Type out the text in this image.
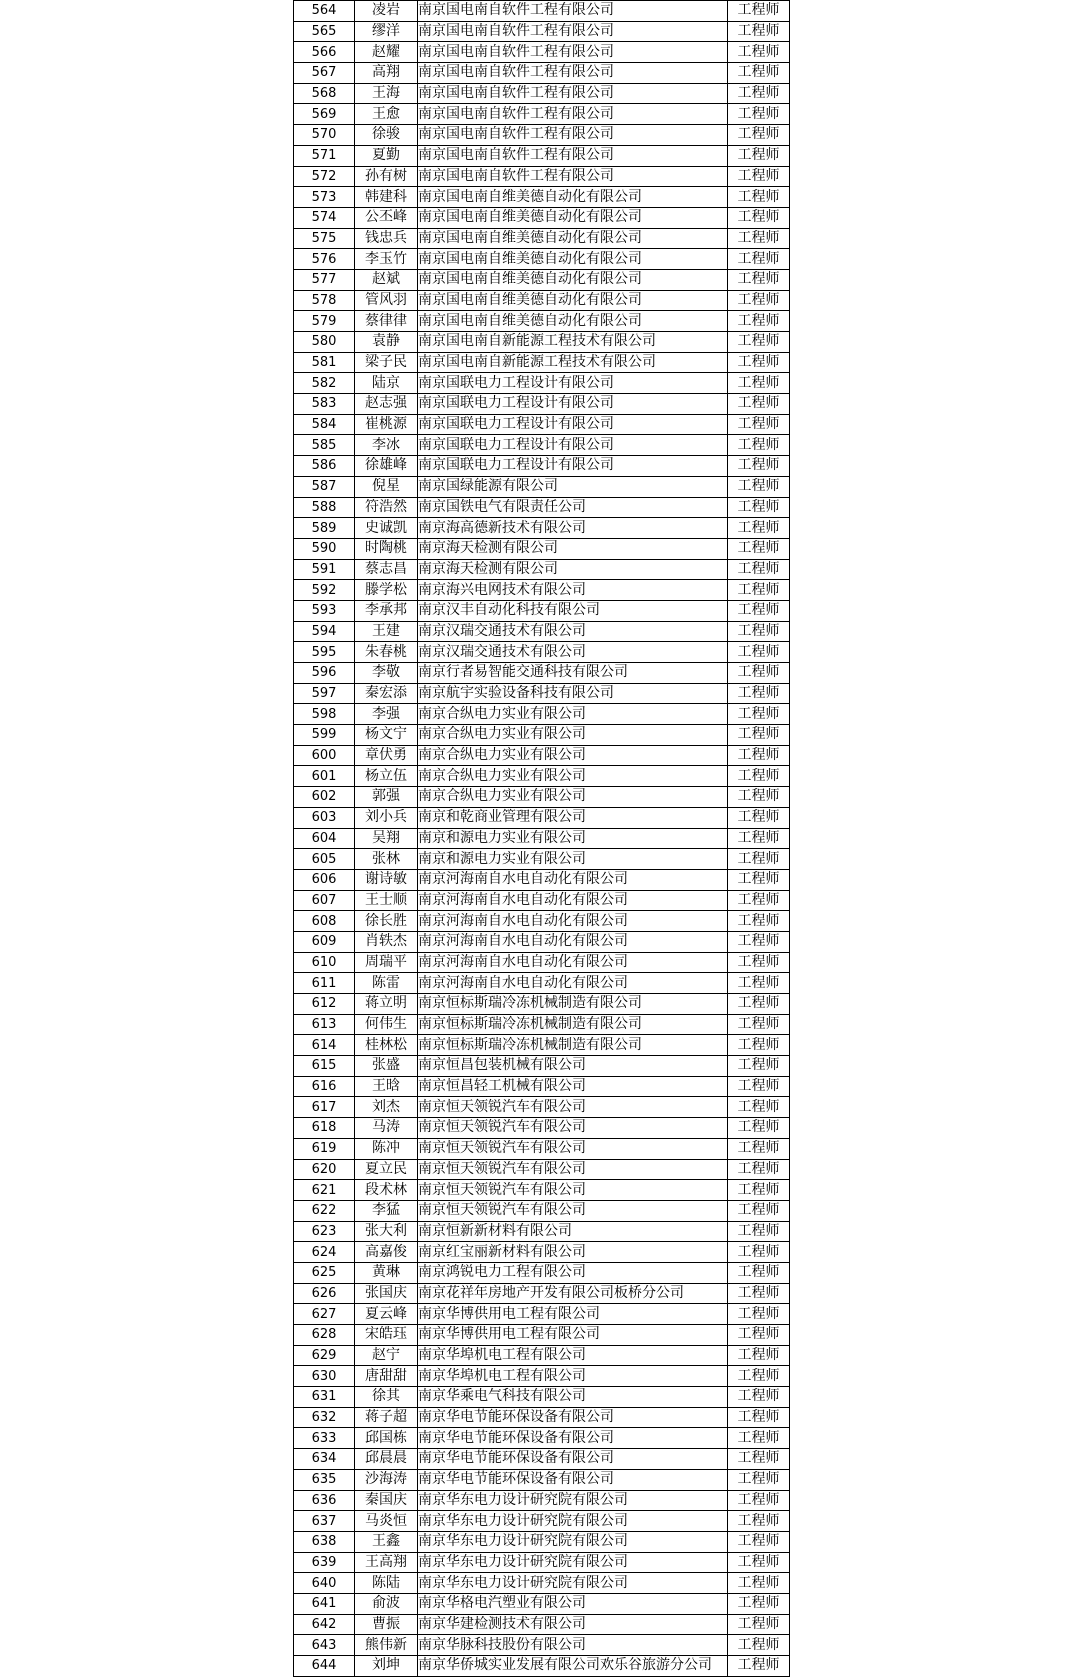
564	凌岩	南京国电南自软件工程有限公司	工程师
565	缪洋	南京国电南自软件工程有限公司	工程师
566	赵耀	南京国电南自软件工程有限公司	工程师
567	高翔	南京国电南自软件工程有限公司	工程师
568	王海	南京国电南自软件工程有限公司	工程师
569	王愈	南京国电南自软件工程有限公司	工程师
570	徐骏	南京国电南自软件工程有限公司	工程师
571	夏勤	南京国电南自软件工程有限公司	工程师
572	孙有树	南京国电南自软件工程有限公司	工程师
573	韩建科	南京国电南自维美德自动化有限公司	工程师
574	公丕峰	南京国电南自维美德自动化有限公司	工程师
575	钱忠兵	南京国电南自维美德自动化有限公司	工程师
576	李玉竹	南京国电南自维美德自动化有限公司	工程师
577	赵斌	南京国电南自维美德自动化有限公司	工程师
578	管风羽	南京国电南自维美德自动化有限公司	工程师
579	蔡律律	南京国电南自维美德自动化有限公司	工程师
580	袁静	南京国电南自新能源工程技术有限公司	工程师
581	梁子民	南京国电南自新能源工程技术有限公司	工程师
582	陆京	南京国联电力工程设计有限公司	工程师
583	赵志强	南京国联电力工程设计有限公司	工程师
584	崔桃源	南京国联电力工程设计有限公司	工程师
585	李冰	南京国联电力工程设计有限公司	工程师
586	徐雄峰	南京国联电力工程设计有限公司	工程师
587	倪星	南京国绿能源有限公司	工程师
588	符浩然	南京国铁电气有限责任公司	工程师
589	史诚凯	南京海高德新技术有限公司	工程师
590	时陶桃	南京海天检测有限公司	工程师
591	蔡志昌	南京海天检测有限公司	工程师
592	滕学松	南京海兴电网技术有限公司	工程师
593	李承邦	南京汉丰自动化科技有限公司	工程师
594	王建	南京汉瑞交通技术有限公司	工程师
595	朱春桃	南京汉瑞交通技术有限公司	工程师
596	李敬	南京行者易智能交通科技有限公司	工程师
597	秦宏添	南京航宇实验设备科技有限公司	工程师
598	李强	南京合纵电力实业有限公司	工程师
599	杨文宁	南京合纵电力实业有限公司	工程师
600	章伏勇	南京合纵电力实业有限公司	工程师
601	杨立伍	南京合纵电力实业有限公司	工程师
602	郭强	南京合纵电力实业有限公司	工程师
603	刘小兵	南京和乾商业管理有限公司	工程师
604	吴翔	南京和源电力实业有限公司	工程师
605	张林	南京和源电力实业有限公司	工程师
606	谢诗敏	南京河海南自水电自动化有限公司	工程师
607	王士顺	南京河海南自水电自动化有限公司	工程师
608	徐长胜	南京河海南自水电自动化有限公司	工程师
609	肖轶杰	南京河海南自水电自动化有限公司	工程师
610	周瑞平	南京河海南自水电自动化有限公司	工程师
611	陈雷	南京河海南自水电自动化有限公司	工程师
612	蒋立明	南京恒标斯瑞冷冻机械制造有限公司	工程师
613	何伟生	南京恒标斯瑞冷冻机械制造有限公司	工程师
614	桂林松	南京恒标斯瑞冷冻机械制造有限公司	工程师
615	张盛	南京恒昌包装机械有限公司	工程师
616	王晗	南京恒昌轻工机械有限公司	工程师
617	刘杰	南京恒天领锐汽车有限公司	工程师
618	马涛	南京恒天领锐汽车有限公司	工程师
619	陈冲	南京恒天领锐汽车有限公司	工程师
620	夏立民	南京恒天领锐汽车有限公司	工程师
621	段术林	南京恒天领锐汽车有限公司	工程师
622	李猛	南京恒天领锐汽车有限公司	工程师
623	张大利	南京恒新新材料有限公司	工程师
624	高嘉俊	南京红宝丽新材料有限公司	工程师
625	黄琳	南京鸿锐电力工程有限公司	工程师
626	张国庆	南京花祥年房地产开发有限公司板桥分公司	工程师
627	夏云峰	南京华博供用电工程有限公司	工程师
628	宋皓珏	南京华博供用电工程有限公司	工程师
629	赵宁	南京华埠机电工程有限公司	工程师
630	唐甜甜	南京华埠机电工程有限公司	工程师
631	徐其	南京华乘电气科技有限公司	工程师
632	蒋子超	南京华电节能环保设备有限公司	工程师
633	邱国栋	南京华电节能环保设备有限公司	工程师
634	邱晨晨	南京华电节能环保设备有限公司	工程师
635	沙海涛	南京华电节能环保设备有限公司	工程师
636	秦国庆	南京华东电力设计研究院有限公司	工程师
637	马炎恒	南京华东电力设计研究院有限公司	工程师
638	王鑫	南京华东电力设计研究院有限公司	工程师
639	王高翔	南京华东电力设计研究院有限公司	工程师
640	陈陆	南京华东电力设计研究院有限公司	工程师
641	俞波	南京华格电汽塑业有限公司	工程师
642	曹振	南京华建检测技术有限公司	工程师
643	熊伟新	南京华脉科技股份有限公司	工程师
644	刘坤	南京华侨城实业发展有限公司欢乐谷旅游分公司	工程师
